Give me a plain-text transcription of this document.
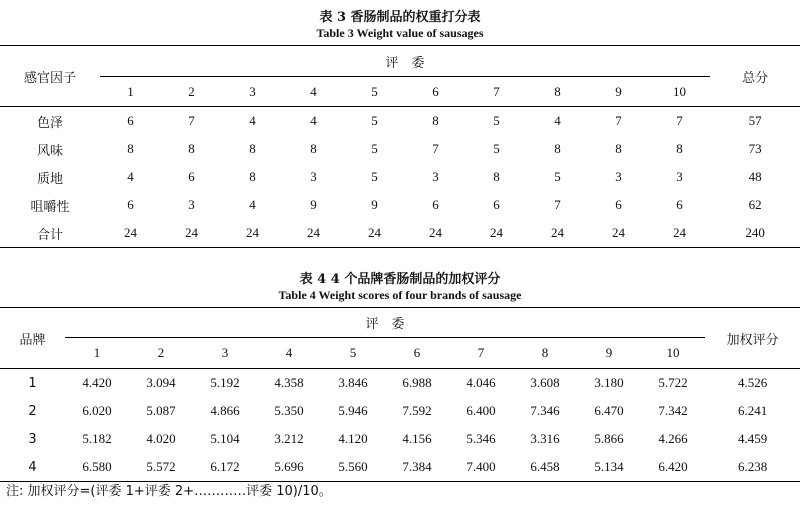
表 3 香肠制品的权重打分表
Table 3 Weight value of sausages
感官因子	评　委										总分
	1	2	3	4	5	6	7	8	9	10	
色泽	6	7	4	4	5	8	5	4	7	7	57
风味	8	8	8	8	5	7	5	8	8	8	73
质地	4	6	8	3	5	3	8	5	3	3	48
咀嚼性	6	3	4	9	9	6	6	7	6	6	62
合计	24	24	24	24	24	24	24	24	24	24	240
表 4 4 个品牌香肠制品的加权评分
Table 4 Weight scores of four brands of sausage
品牌	评　委										加权评分
	1	2	3	4	5	6	7	8	9	10	
1	4.420	3.094	5.192	4.358	3.846	6.988	4.046	3.608	3.180	5.722	4.526
2	6.020	5.087	4.866	5.350	5.946	7.592	6.400	7.346	6.470	7.342	6.241
3	5.182	4.020	5.104	3.212	4.120	4.156	5.346	3.316	5.866	4.266	4.459
4	6.580	5.572	6.172	5.696	5.560	7.384	7.400	6.458	5.134	6.420	6.238
注: 加权评分=(评委 1+评委 2+…………评委 10)/10。
